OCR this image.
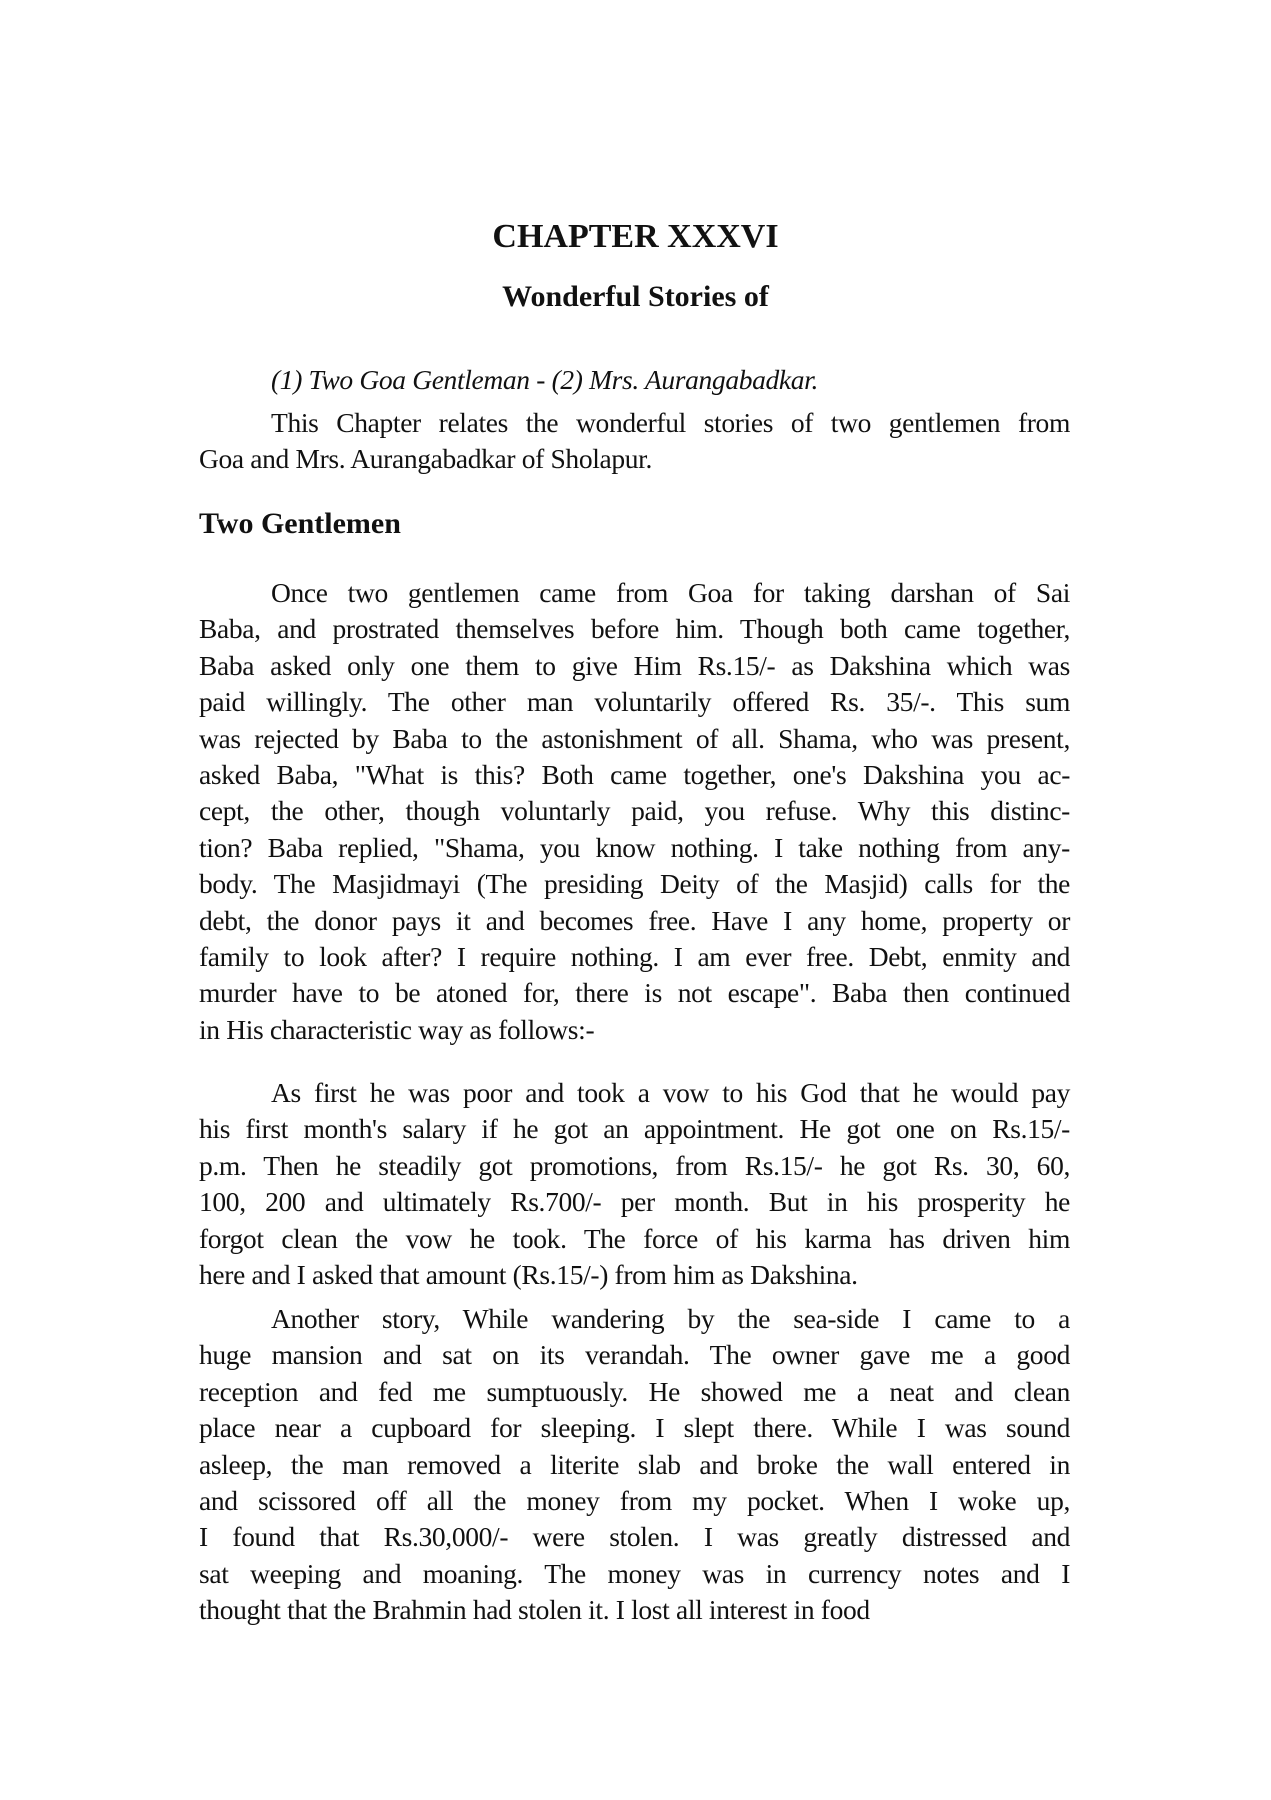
CHAPTER XXXVI
Wonderful Stories of
(1) Two Goa Gentleman - (2) Mrs. Aurangabadkar.
This Chapter relates the wonderful stories of two gentlemen from
Goa and Mrs. Aurangabadkar of Sholapur.
Two Gentlemen
Once two gentlemen came from Goa for taking darshan of Sai
Baba, and prostrated themselves before him. Though both came together,
Baba asked only one them to give Him Rs.15/- as Dakshina which was
paid willingly. The other man voluntarily offered Rs. 35/-. This sum
was rejected by Baba to the astonishment of all. Shama, who was present,
asked Baba, "What is this? Both came together, one's Dakshina you ac-
cept, the other, though voluntarly paid, you refuse. Why this distinc-
tion? Baba replied, "Shama, you know nothing. I take nothing from any-
body. The Masjidmayi (The presiding Deity of the Masjid) calls for the
debt, the donor pays it and becomes free. Have I any home, property or
family to look after? I require nothing. I am ever free. Debt, enmity and
murder have to be atoned for, there is not escape". Baba then continued
in His characteristic way as follows:-
As first he was poor and took a vow to his God that he would pay
his first month's salary if he got an appointment. He got one on Rs.15/-
p.m. Then he steadily got promotions, from Rs.15/- he got Rs. 30, 60,
100, 200 and ultimately Rs.700/- per month. But in his prosperity he
forgot clean the vow he took. The force of his karma has driven him
here and I asked that amount (Rs.15/-) from him as Dakshina.
Another story, While wandering by the sea-side I came to a
huge mansion and sat on its verandah. The owner gave me a good
reception and fed me sumptuously. He showed me a neat and clean
place near a cupboard for sleeping. I slept there. While I was sound
asleep, the man removed a literite slab and broke the wall entered in
and scissored off all the money from my pocket. When I woke up,
I found that Rs.30,000/- were stolen. I was greatly distressed and
sat weeping and moaning. The money was in currency notes and I
thought that the Brahmin had stolen it. I lost all interest in food
